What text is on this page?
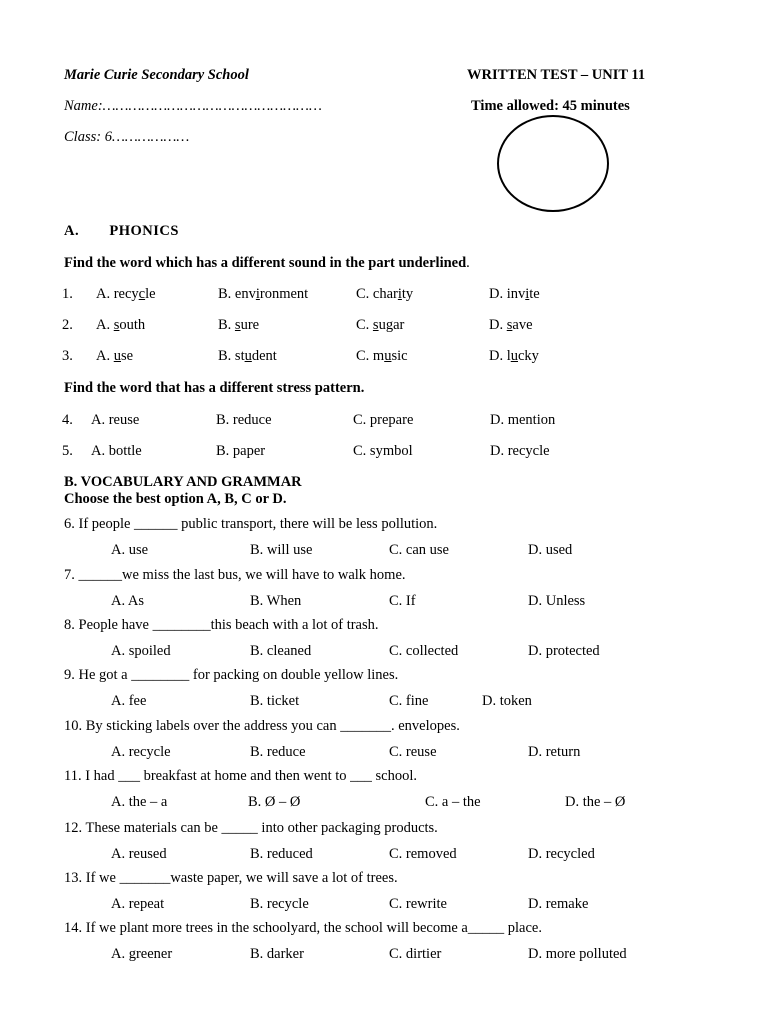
Marie Curie Secondary School	WRITTEN TEST – UNIT 11
Name:……………………………………………	Time allowed: 45 minutes
Class: 6………………
A. PHONICS
Find the word which has a different sound in the part underlined.
1. A. recycle	B. environment	C. charity	D. invite
2. A. south	B. sure	C. sugar	D. save
3. A. use	B. student	C. music	D. lucky
Find the word that has a different stress pattern.
4. A. reuse	B. reduce	C. prepare	D. mention
5. A. bottle	B. paper	C. symbol	D. recycle
B. VOCABULARY AND GRAMMAR
Choose the best option A, B, C or D.
6. If people ______ public transport, there will be less pollution.
A. use	B. will use	C. can use	D. used
7. ______we miss the last bus, we will have to walk home.
A. As	B. When	C. If	D. Unless
8. People have ________this beach with a lot of trash.
A. spoiled	B. cleaned	C. collected	D. protected
9. He got a ________ for packing on double yellow lines.
A. fee	B. ticket	C. fine	D. token
10. By sticking labels over the address you can _______. envelopes.
A. recycle	B. reduce	C. reuse	D. return
11. I had ___ breakfast at home and then went to ___ school.
A. the – a	B. Ø – Ø	C. a – the	D. the – Ø
12. These materials can be _____ into other packaging products.
A. reused	B. reduced	C. removed	D. recycled
13. If we _______waste paper, we will save a lot of trees.
A. repeat	B. recycle	C. rewrite	D. remake
14. If we plant more trees in the schoolyard, the school will become a_____ place.
A. greener	B. darker	C. dirtier	D. more polluted
